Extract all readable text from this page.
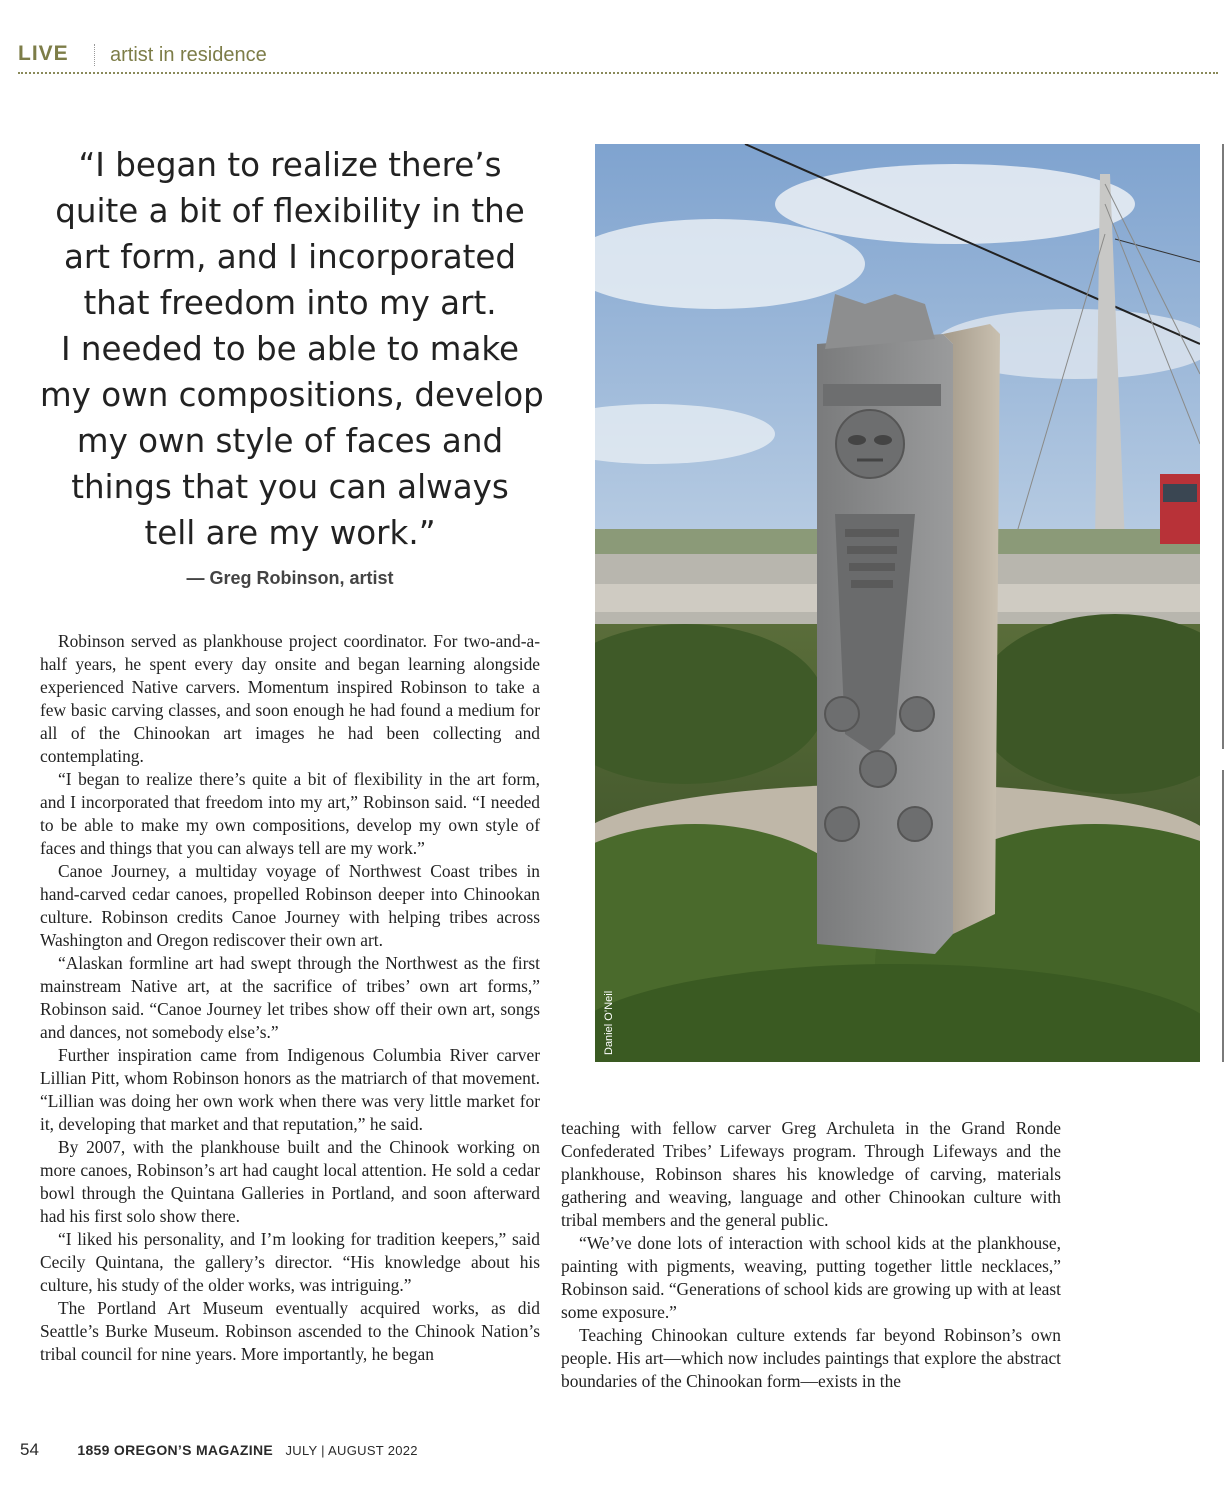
LIVE artist in residence
“I began to realize there’s
quite a bit of flexibility in the
art form, and I incorporated
that freedom into my art.
I needed to be able to make
my own compositions, develop
my own style of faces and
things that you can always
tell are my work.”
— Greg Robinson, artist

Robinson served as plankhouse project coordinator. For two-and-a-half years, he spent every day onsite and began learning alongside experienced Native carvers. Momentum inspired Robinson to take a few basic carving classes, and soon enough he had found a medium for all of the Chinookan art images he had been collecting and contemplating.

“I began to realize there’s quite a bit of flexibility in the art form, and I incorporated that freedom into my art,” Robinson said. “I needed to be able to make my own compositions, develop my own style of faces and things that you can always tell are my work.”

Canoe Journey, a multiday voyage of Northwest Coast tribes in hand-carved cedar canoes, propelled Robinson deeper into Chinookan culture. Robinson credits Canoe Journey with helping tribes across Washington and Oregon rediscover their own art.

“Alaskan formline art had swept through the Northwest as the first mainstream Native art, at the sacrifice of tribes’ own art forms,” Robinson said. “Canoe Journey let tribes show off their own art, songs and dances, not somebody else’s.”

Further inspiration came from Indigenous Columbia River carver Lillian Pitt, whom Robinson honors as the matriarch of that movement. “Lillian was doing her own work when there was very little market for it, developing that market and that reputation,” he said.

By 2007, with the plankhouse built and the Chinook working on more canoes, Robinson’s art had caught local attention. He sold a cedar bowl through the Quintana Galleries in Portland, and soon afterward had his first solo show there.

“I liked his personality, and I’m looking for tradition keepers,” said Cecily Quintana, the gallery’s director. “His knowledge about his culture, his study of the older works, was intriguing.”

The Portland Art Museum eventually acquired works, as did Seattle’s Burke Museum. Robinson ascended to the Chinook Nation’s tribal council for nine years. More importantly, he began

Daniel O’Neil

teaching with fellow carver Greg Archuleta in the Grand Ronde Confederated Tribes’ Lifeways program. Through Lifeways and the plankhouse, Robinson shares his knowledge of carving, materials gathering and weaving, language and other Chinookan culture with tribal members and the general public.

“We’ve done lots of interaction with school kids at the plankhouse, painting with pigments, weaving, putting together little necklaces,” Robinson said. “Generations of school kids are growing up with at least some exposure.”

Teaching Chinookan culture extends far beyond Robinson’s own people. His art—which now includes paintings that explore the abstract boundaries of the Chinookan form—exists in the

54	1859 OREGON’S MAGAZINE JULY | AUGUST 2022
